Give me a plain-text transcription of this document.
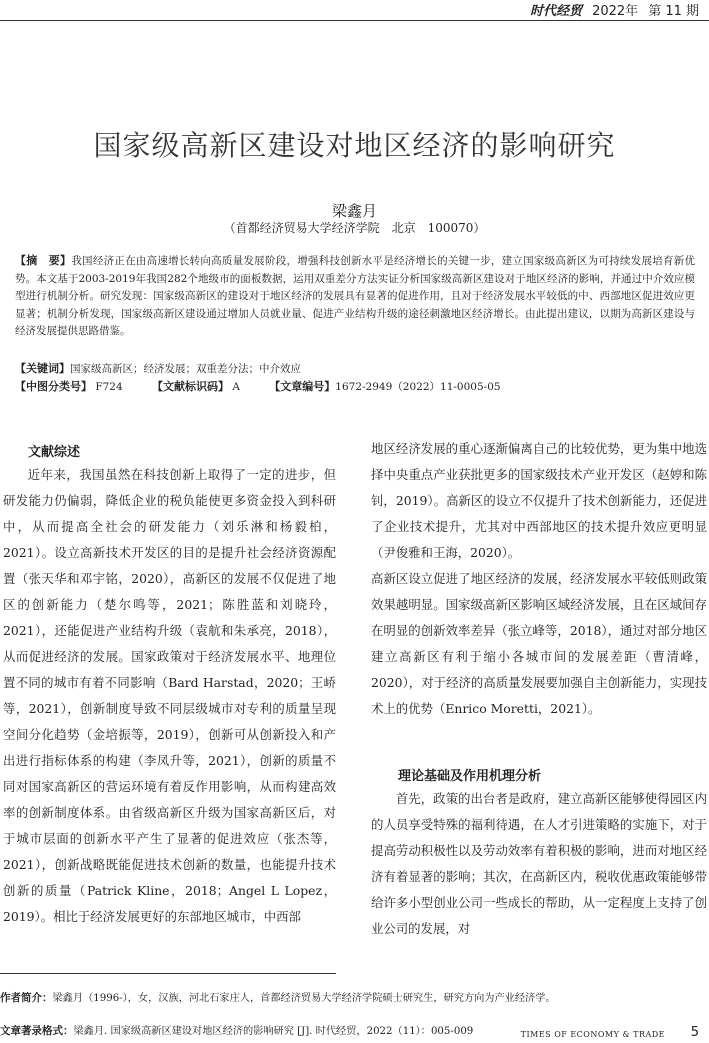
时代经贸 2022年 第 11 期
国家级高新区建设对地区经济的影响研究
梁鑫月
（首都经济贸易大学经济学院　北京　100070）
【摘　要】我国经济正在由高速增长转向高质量发展阶段，增强科技创新水平是经济增长的关键一步，建立国家级高新区为可持续发展培育新优势。本文基于2003-2019年我国282个地级市的面板数据，运用双重差分方法实证分析国家级高新区建设对于地区经济的影响，并通过中介效应模型进行机制分析。研究发现：国家级高新区的建设对于地区经济的发展具有显著的促进作用，且对于经济发展水平较低的中、西部地区促进效应更显著；机制分析发现，国家级高新区建设通过增加人员就业量、促进产业结构升级的途径刺激地区经济增长。由此提出建议，以期为高新区建设与经济发展提供思路借鉴。
【关键词】国家级高新区；经济发展；双重差分法；中介效应
【中图分类号】 F724	【文献标识码】 A	【文章编号】1672-2949（2022）11-0005-05
文献综述

近年来，我国虽然在科技创新上取得了一定的进步，但研发能力仍偏弱，降低企业的税负能使更多资金投入到科研中，从而提高全社会的研发能力（刘乐淋和杨毅柏，2021）。设立高新技术开发区的目的是提升社会经济资源配置（张天华和邓宇铭，2020），高新区的发展不仅促进了地区的创新能力（楚尔鸣等，2021；陈胜蓝和刘晓玲，2021），还能促进产业结构升级（袁航和朱承亮，2018），从而促进经济的发展。国家政策对于经济发展水平、地理位置不同的城市有着不同影响（Bard Harstad，2020；王峤等，2021），创新制度导致不同层级城市对专利的质量呈现空间分化趋势（金培振等，2019），创新可从创新投入和产出进行指标体系的构建（李凤升等，2021），创新的质量不同对国家高新区的营运环境有着反作用影响，从而构建高效率的创新制度体系。由省级高新区升级为国家高新区后，对于城市层面的创新水平产生了显著的促进效应（张杰等，2021），创新战略既能促进技术创新的数量，也能提升技术创新的质量（Patrick Kline，2018；Angel L Lopez，2019）。相比于经济发展更好的东部地区城市，中西部

地区经济发展的重心逐渐偏离自己的比较优势，更为集中地选择中央重点产业获批更多的国家级技术产业开发区（赵婷和陈钊，2019）。高新区的设立不仅提升了技术创新能力，还促进了企业技术提升，尤其对中西部地区的技术提升效应更明显（尹俊雅和王海，2020）。

高新区设立促进了地区经济的发展，经济发展水平较低则政策效果越明显。国家级高新区影响区域经济发展，且在区域间存在明显的创新效率差异（张立峰等，2018），通过对部分地区建立高新区有利于缩小各城市间的发展差距（曹清峰，2020），对于经济的高质量发展要加强自主创新能力，实现技术上的优势（Enrico Moretti，2021）。

理论基础及作用机理分析

首先，政策的出台者是政府，建立高新区能够使得园区内的人员享受特殊的福利待遇，在人才引进策略的实施下，对于提高劳动积极性以及劳动效率有着积极的影响，进而对地区经济有着显著的影响；其次，在高新区内，税收优惠政策能够带给许多小型创业公司一些成长的帮助，从一定程度上支持了创业公司的发展，对

作者简介：梁鑫月（1996-），女，汉族，河北石家庄人，首都经济贸易大学经济学院硕士研究生，研究方向为产业经济学。
文章著录格式：梁鑫月. 国家级高新区建设对地区经济的影响研究 [J]. 时代经贸，2022（11）：005-009	TIMES OF ECONOMY & TRADE 5
